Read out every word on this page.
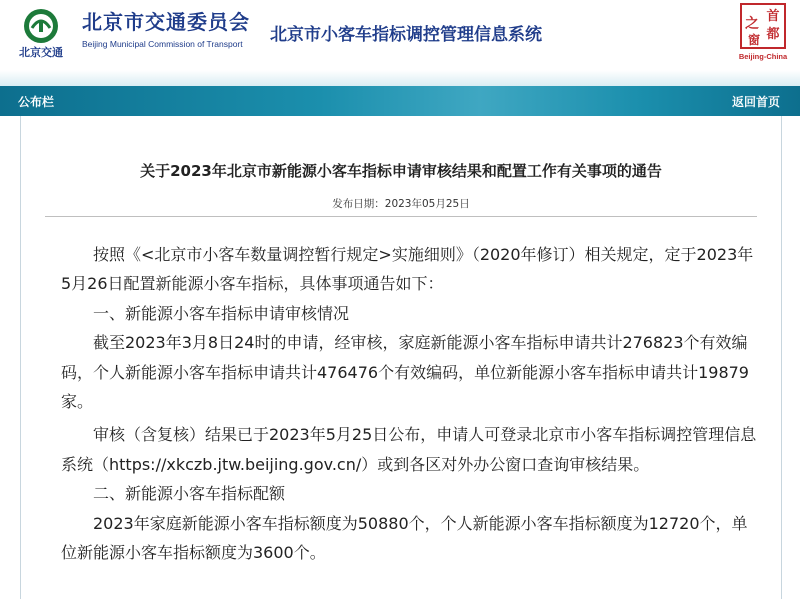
北京交通
北京市交通委员会
Beijing Municipal Commission of Transport	北京市小客车指标调控管理信息系统
首
都
之
窗
Beijing-China
公布栏	返回首页
关于2023年北京市新能源小客车指标申请审核结果和配置工作有关事项的通告
发布日期：2023年05月25日

按照《<北京市小客车数量调控暂行规定>实施细则》（2020年修订）相关规定，定于2023年5月26日配置新能源小客车指标，具体事项通告如下：

一、新能源小客车指标申请审核情况

截至2023年3月8日24时的申请，经审核，家庭新能源小客车指标申请共计276823个有效编码，个人新能源小客车指标申请共计476476个有效编码，单位新能源小客车指标申请共计19879家。

审核（含复核）结果已于2023年5月25日公布，申请人可登录北京市小客车指标调控管理信息系统（https://xkczb.jtw.beijing.gov.cn/）或到各区对外办公窗口查询审核结果。

二、新能源小客车指标配额

2023年家庭新能源小客车指标额度为50880个，个人新能源小客车指标额度为12720个，单位新能源小客车指标额度为3600个。
